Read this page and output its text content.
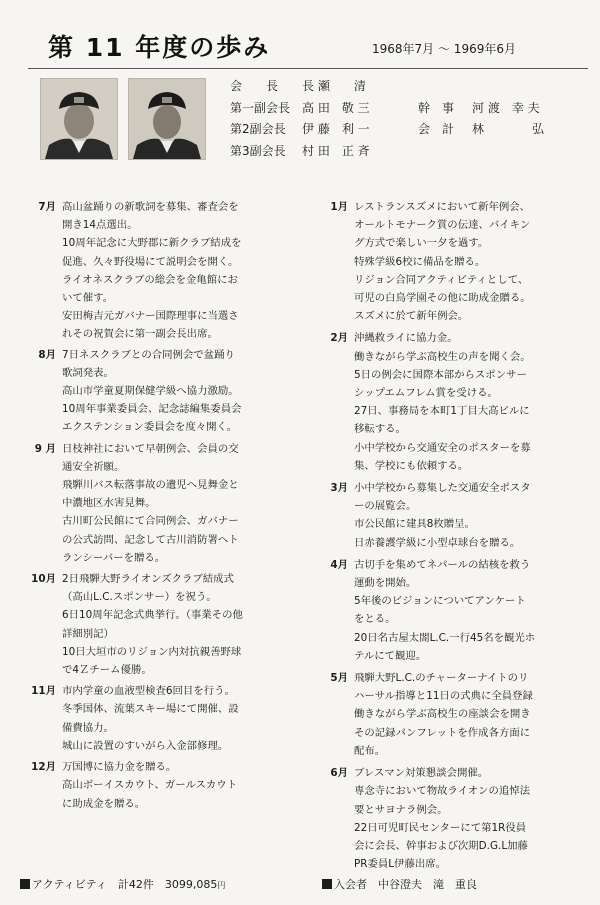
第 11 年度の歩み	1968年7月 ～ 1969年6月
会　　長 長 瀬　　清
第一副会長 高 田　敬 三	幹　事 河 渡　幸 夫
第2副会長 伊 藤　利 一	会　計 林　　　　弘
第3副会長 村 田　正 斉
7月 高山盆踊りの新歌詞を募集、審査会を
開き14点選出。
10周年記念に大野郡に新クラブ結成を
促進、久々野役場にて説明会を開く。
ライオネスクラブの総会を金亀館にお
いて催す。
安田梅吉元ガバナー国際理事に当選さ
れその祝賀会に第一副会長出席。
8月 7日ネスクラブとの合同例会で盆踊り
歌詞発表。
高山市学童夏期保健学級へ協力激励。
10周年事業委員会、記念誌編集委員会
エクステンション委員会を度々開く。
9 月 日枝神社において早朝例会、会員の交
通安全祈願。
飛騨川バス転落事故の遺児へ見舞金と
中濃地区水害見舞。
古川町公民館にて合同例会、ガバナー
の公式訪問、記念して古川消防署へト
ランシーバーを贈る。
10月 2日飛騨大野ライオンズクラブ結成式
（高山L.C.スポンサー）を祝う。
6日10周年記念式典挙行。（事業その他
詳細別記）
10日大垣市のリジョン内対抗親善野球
で4Ｚチーム優勝。
11月 市内学童の血液型検査6回目を行う。
冬季国体、流葉スキー場にて開催、設
備費協力。
城山に設置のすいがら入金部修理。
12月 万国博に協力金を贈る。
高山ボーイスカウト、ガールスカウト
に助成金を贈る。
1月 レストランスズメにおいて新年例会、
オールトモナーク賞の伝達、バイキン
グ方式で楽しい一夕を過す。
特殊学級6校に備品を贈る。
リジョン合同アクティビティとして、
可児の白鳥学園その他に助成金贈る。
スズメに於て新年例会。
2月 沖縄救ライに協力金。
働きながら学ぶ高校生の声を聞く会。
5日の例会に国際本部からスポンサー
シップエムフレム賞を受ける。
27日、事務局を本町1丁目大高ビルに
移転する。
小中学校から交通安全のポスターを募
集、学校にも依頼する。
3月 小中学校から募集した交通安全ポスタ
ーの展覧会。
市公民館に建具8枚贈呈。
日赤養護学級に小型卓球台を贈る。
4月 古切手を集めてネパールの結核を救う
運動を開始。
5年後のビジョンについてアンケート
をとる。
20日名古屋太閤L.C.一行45名を観光ホ
テルにて観迎。
5月 飛騨大野L.C.のチャーターナイトのリ
ハーサル指導と11日の式典に全員登録
働きながら学ぶ高校生の座談会を開き
その記録パンフレットを作成各方面に
配布。
6月 ブレスマン対策懇談会開催。
専念寺において物故ライオンの追悼法
要とサヨナラ例会。
22日可児町民センターにて第1R役員
会に会長、幹事および次期D.G.L加藤
PR委員L伊藤出席。
アクティビティ　計42件　3099,085円	入会者　中谷澄夫　滝　重良
